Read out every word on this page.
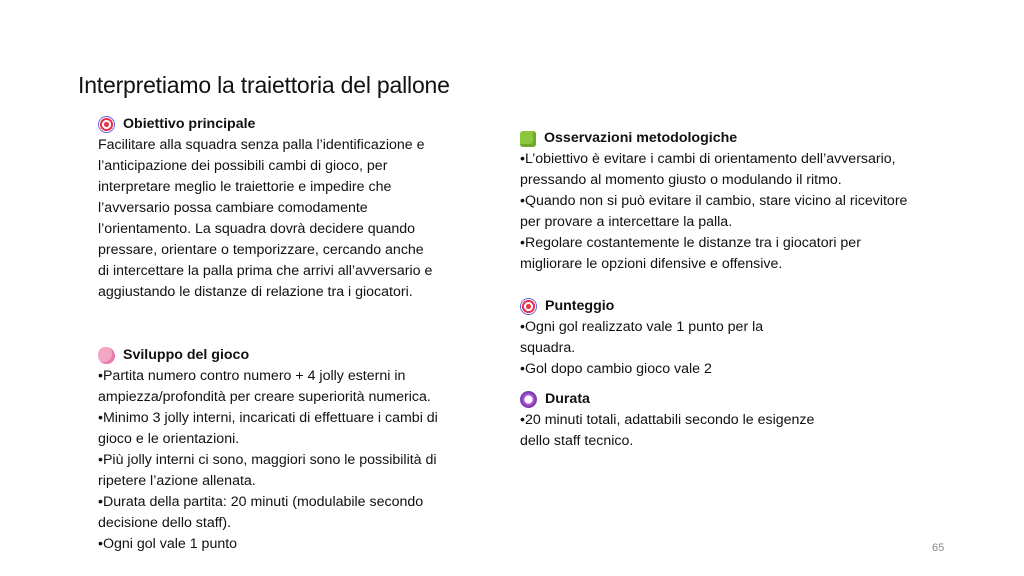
Interpretiamo la traiettoria del pallone
Obiettivo principale

Facilitare alla squadra senza palla l’identificazione e

l’anticipazione dei possibili cambi di gioco, per

interpretare meglio le traiettorie e impedire che

l’avversario possa cambiare comodamente

l’orientamento. La squadra dovrà decidere quando

pressare, orientare o temporizzare, cercando anche

di intercettare la palla prima che arrivi all’avversario e

aggiustando le distanze di relazione tra i giocatori.

Sviluppo del gioco

•Partita numero contro numero + 4 jolly esterni in

ampiezza/profondità per creare superiorità numerica.

•Minimo 3 jolly interni, incaricati di effettuare i cambi di

gioco e le orientazioni.

•Più jolly interni ci sono, maggiori sono le possibilità di

ripetere l’azione allenata.

•Durata della partita: 20 minuti (modulabile secondo

decisione dello staff).

•Ogni gol vale 1 punto

Osservazioni metodologiche

•L’obiettivo è evitare i cambi di orientamento dell’avversario,

pressando al momento giusto o modulando il ritmo.

•Quando non si può evitare il cambio, stare vicino al ricevitore

per provare a intercettare la palla.

•Regolare costantemente le distanze tra i giocatori per

migliorare le opzioni difensive e offensive.

Punteggio

•Ogni gol realizzato vale 1 punto per la

squadra.

•Gol dopo cambio gioco vale 2

Durata

•20 minuti totali, adattabili secondo le esigenze

dello staff tecnico.

65
